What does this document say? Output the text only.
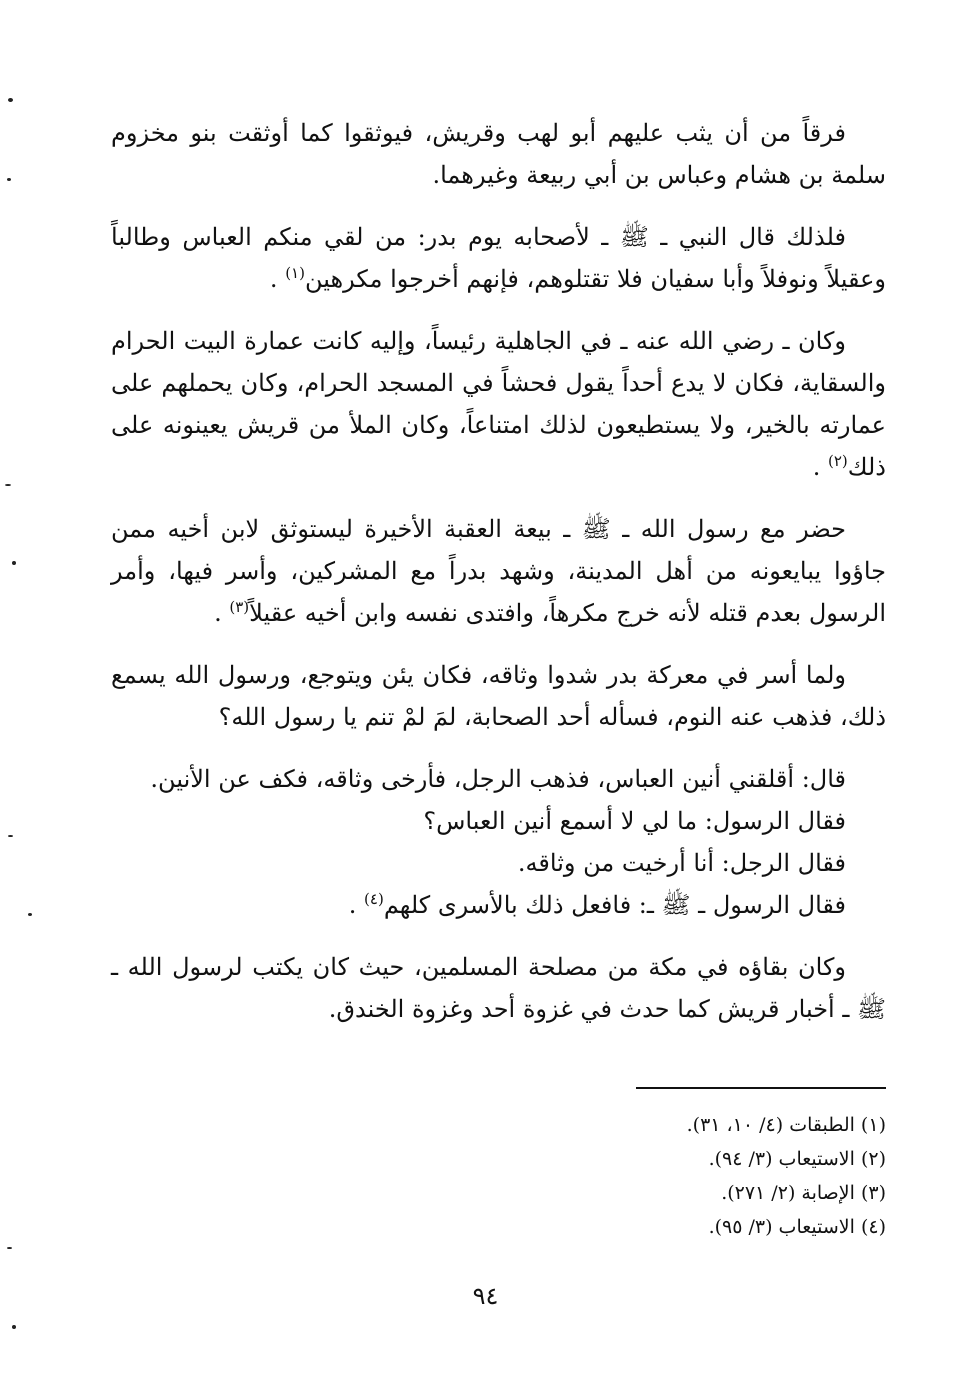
فرقاً من أن يثب عليهم أبو لهب وقريش، فيوثقوا كما أوثقت بنو مخزوم سلمة بن هشام وعباس بن أبي ربيعة وغيرهما.

فلذلك قال النبي ـ ﷺ ـ لأصحابه يوم بدر: من لقي منكم العباس وطالباً وعقيلاً ونوفلاً وأبا سفيان فلا تقتلوهم، فإنهم أخرجوا مكرهين$^{(١)}$ .

وكان ـ رضي الله عنه ـ في الجاهلية رئيساً، وإليه كانت عمارة البيت الحرام والسقاية، فكان لا يدع أحداً يقول فحشاً في المسجد الحرام، وكان يحملهم على عمارته بالخير، ولا يستطيعون لذلك امتناعاً، وكان الملأ من قريش يعينونه على ذلك$^{(٢)}$ .

حضر مع رسول الله ـ ﷺ ـ بيعة العقبة الأخيرة ليستوثق لابن أخيه ممن جاؤوا يبايعونه من أهل المدينة، وشهد بدراً مع المشركين، وأسر فيها، وأمر الرسول بعدم قتله لأنه خرج مكرهاً، وافتدى نفسه وابن أخيه عقيلاً$^{(٣)}$ .

ولما أسر في معركة بدر شدوا وثاقه، فكان يئن ويتوجع، ورسول الله يسمع ذلك، فذهب عنه النوم، فسأله أحد الصحابة، لمَ لمْ تنم يا رسول الله؟

قال: أقلقني أنين العباس، فذهب الرجل، فأرخى وثاقه، فكف عن الأنين.

فقال الرسول: ما لي لا أسمع أنين العباس؟

فقال الرجل: أنا أرخيت من وثاقه.

فقال الرسول ـ ﷺ ـ: فافعل ذلك بالأسرى كلهم$^{(٤)}$ .

وكان بقاؤه في مكة من مصلحة المسلمين، حيث كان يكتب لرسول الله ـ ﷺ ـ أخبار قريش كما حدث في غزوة أحد وغزوة الخندق.

(١) الطبقات (٤/ ١٠، ٣١).

(٢) الاستيعاب (٣/ ٩٤).

(٣) الإصابة (٢/ ٢٧١).

(٤) الاستيعاب (٣/ ٩٥).

٩٤
